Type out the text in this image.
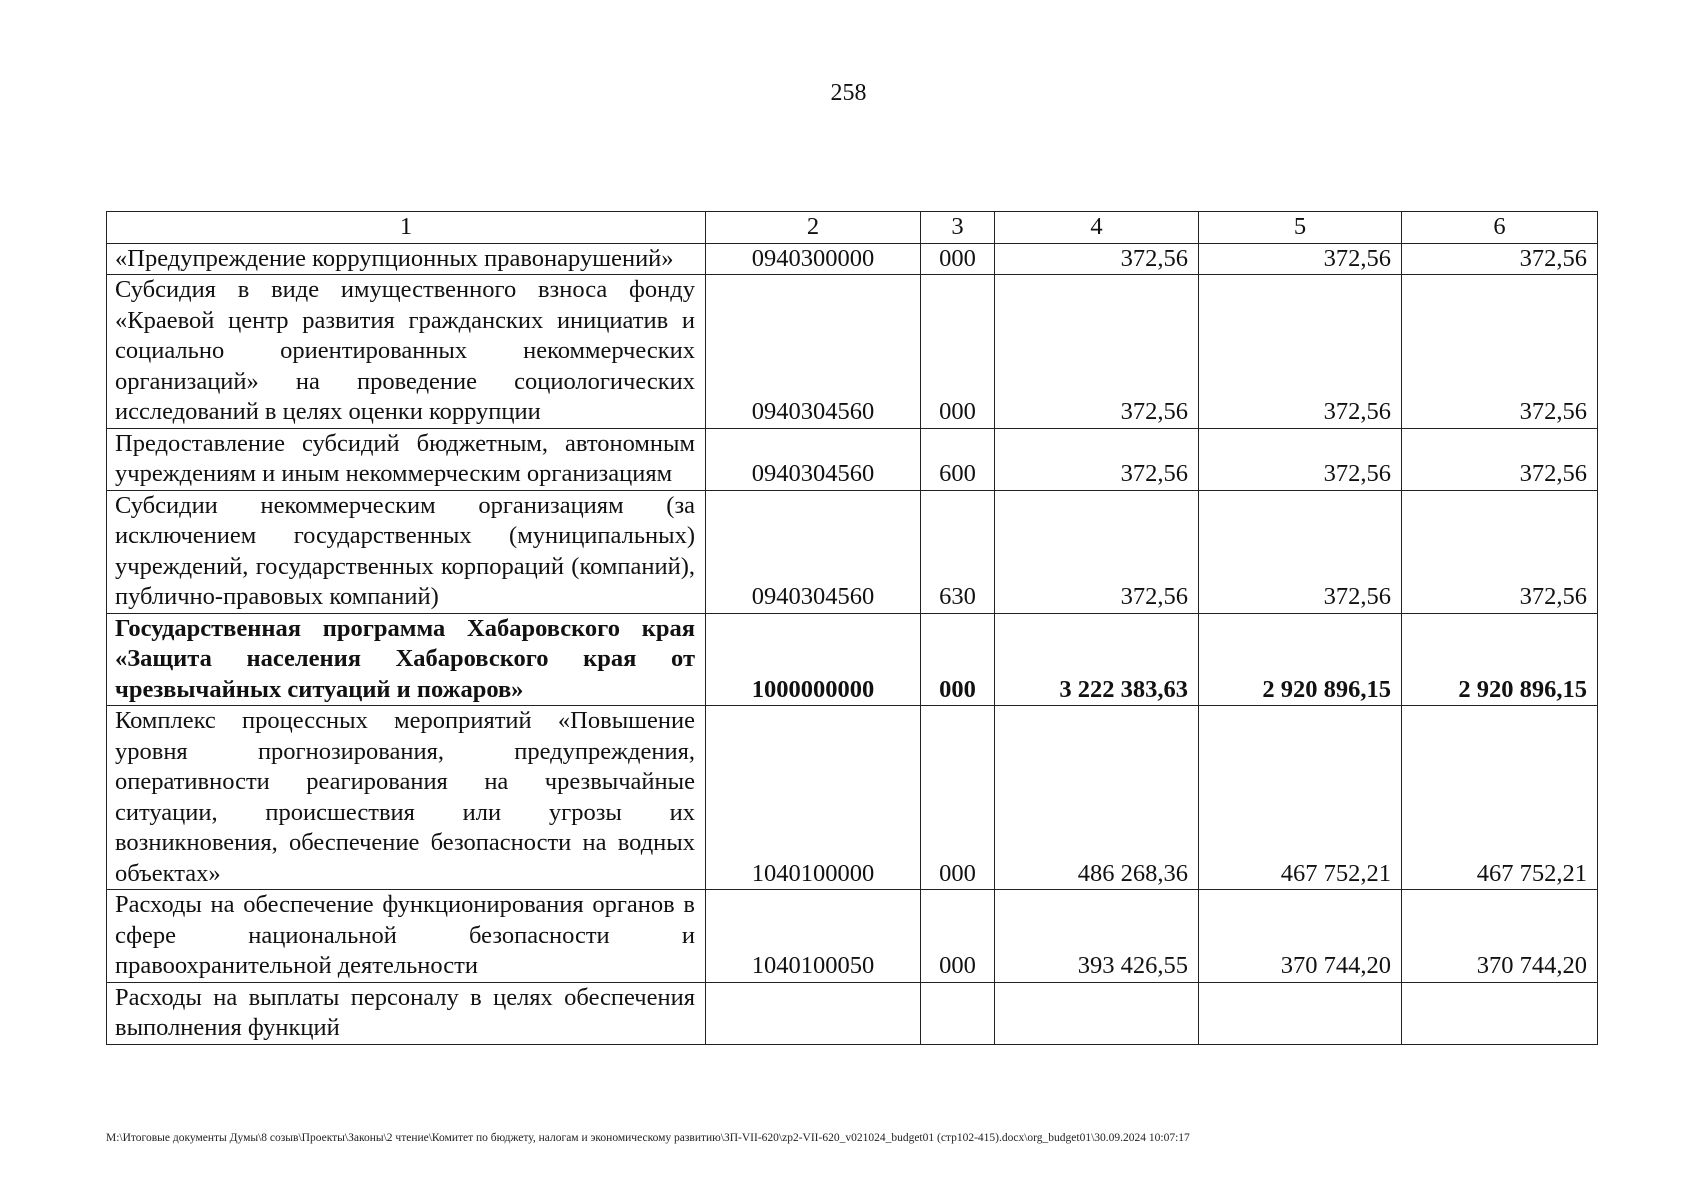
258
1	2	3	4	5	6
«Предупреждение коррупционных правонарушений»	0940300000	000	372,56	372,56	372,56
Субсидия в виде имущественного взноса фонду «Краевой центр развития гражданских инициатив и социально ориентированных некоммерческих организаций» на проведение социологических исследований в целях оценки коррупции	0940304560	000	372,56	372,56	372,56
Предоставление субсидий бюджетным, автономным учреждениям и иным некоммерческим организациям	0940304560	600	372,56	372,56	372,56
Субсидии некоммерческим организациям (за исключением государственных (муниципальных) учреждений, государственных корпораций (компаний), публично-правовых компаний)	0940304560	630	372,56	372,56	372,56
Государственная программа Хабаровского края «Защита населения Хабаровского края от чрезвычайных ситуаций и пожаров»	1000000000	000	3 222 383,63	2 920 896,15	2 920 896,15
Комплекс процессных мероприятий «Повышение уровня прогнозирования, предупреждения, оперативности реагирования на чрезвычайные ситуации, происшествия или угрозы их возникновения, обеспечение безопасности на водных объектах»	1040100000	000	486 268,36	467 752,21	467 752,21
Расходы на обеспечение функционирования органов в сфере национальной безопасности и правоохранительной деятельности	1040100050	000	393 426,55	370 744,20	370 744,20
Расходы на выплаты персоналу в целях обеспечения выполнения функций					
M:\Итоговые документы Думы\8 созыв\Проекты\Законы\2 чтение\Комитет по бюджету, налогам и экономическому развитию\ЗП-VII-620\zp2-VII-620_v021024_budget01 (стр102-415).docx\org_budget01\30.09.2024 10:07:17
